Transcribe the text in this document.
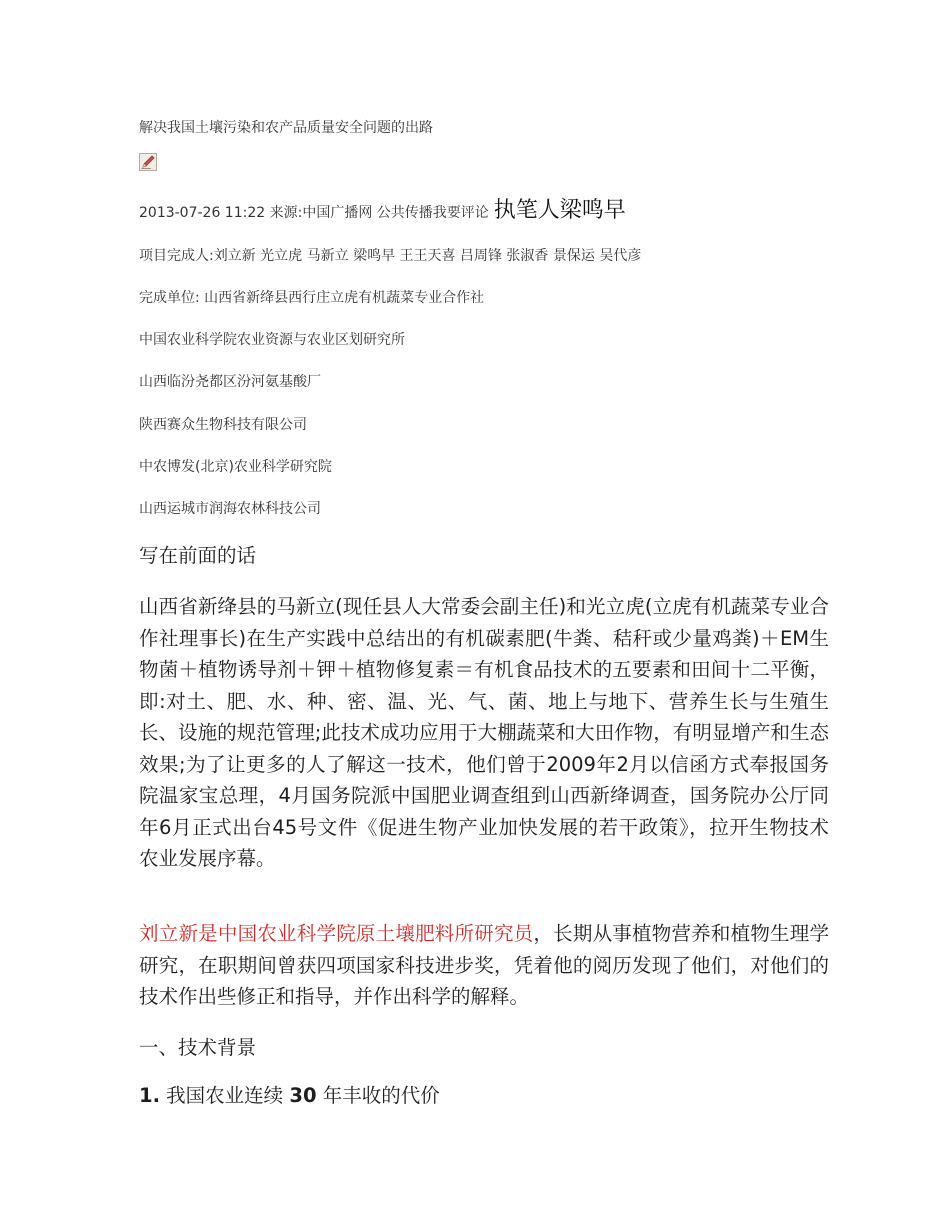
解决我国土壤污染和农产品质量安全问题的出路
2013-07-26 11:22 来源:中国广播网 公共传播我要评论 执笔人梁鸣早
项目完成人:刘立新 光立虎 马新立 梁鸣早 王王天喜 吕周锋 张淑香 景保运 吴代彦
完成单位: 山西省新绛县西行庄立虎有机蔬菜专业合作社
中国农业科学院农业资源与农业区划研究所
山西临汾尧都区汾河氨基酸厂
陕西赛众生物科技有限公司
中农博发(北京)农业科学研究院
山西运城市润海农林科技公司
写在前面的话
山西省新绛县的马新立(现任县人大常委会副主任)和光立虎(立虎有机蔬菜专业合作社理事长)在生产实践中总结出的有机碳素肥(牛粪、秸秆或少量鸡粪)＋EM生物菌＋植物诱导剂＋钾＋植物修复素＝有机食品技术的五要素和田间十二平衡，即:对土、肥、水、种、密、温、光、气、菌、地上与地下、营养生长与生殖生长、设施的规范管理;此技术成功应用于大棚蔬菜和大田作物，有明显增产和生态效果;为了让更多的人了解这一技术，他们曾于2009年2月以信函方式奉报国务院温家宝总理，4月国务院派中国肥业调查组到山西新绛调查，国务院办公厅同年6月正式出台45号文件《促进生物产业加快发展的若干政策》，拉开生物技术农业发展序幕。
刘立新是中国农业科学院原土壤肥料所研究员，长期从事植物营养和植物生理学研究，在职期间曾获四项国家科技进步奖，凭着他的阅历发现了他们，对他们的技术作出些修正和指导，并作出科学的解释。
一、技术背景
1. 我国农业连续 30 年丰收的代价
